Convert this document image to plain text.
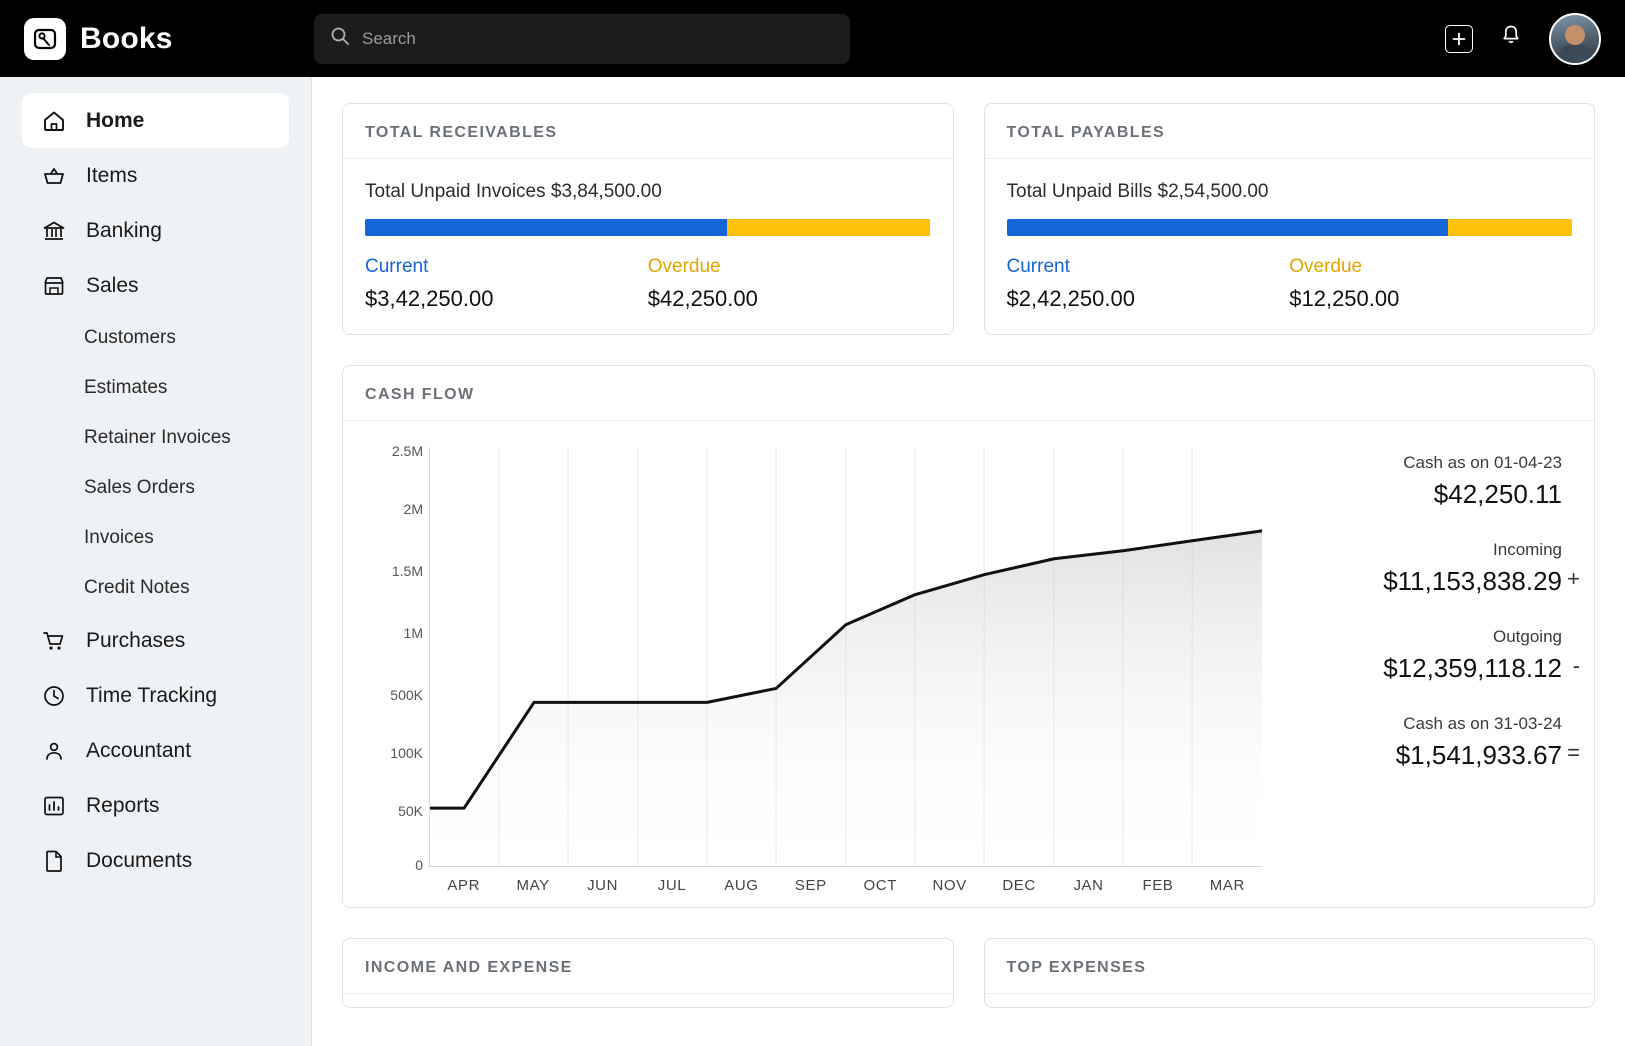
Books
Search
Home
Items
Banking
Sales
Customers
Estimates
Retainer Invoices
Sales Orders
Invoices
Credit Notes
Purchases
Time Tracking
Accountant
Reports
Documents
TOTAL RECEIVABLES
Total Unpaid Invoices $3,84,500.00
Current
$3,42,250.00
Overdue
$42,250.00
TOTAL PAYABLES
Total Unpaid Bills $2,54,500.00
Current
$2,42,250.00
Overdue
$12,250.00
CASH FLOW
2.5M
2M
1.5M
1M
500K
100K
50K
0
APR	MAY	JUN	JUL	AUG	SEP	OCT	NOV	DEC	JAN	FEB	MAR
Cash as on 01-04-23
$42,250.11
Incoming
$11,153,838.29 +
Outgoing
$12,359,118.12 -
Cash as on 31-03-24
$1,541,933.67 =
INCOME AND EXPENSE	TOP EXPENSES
